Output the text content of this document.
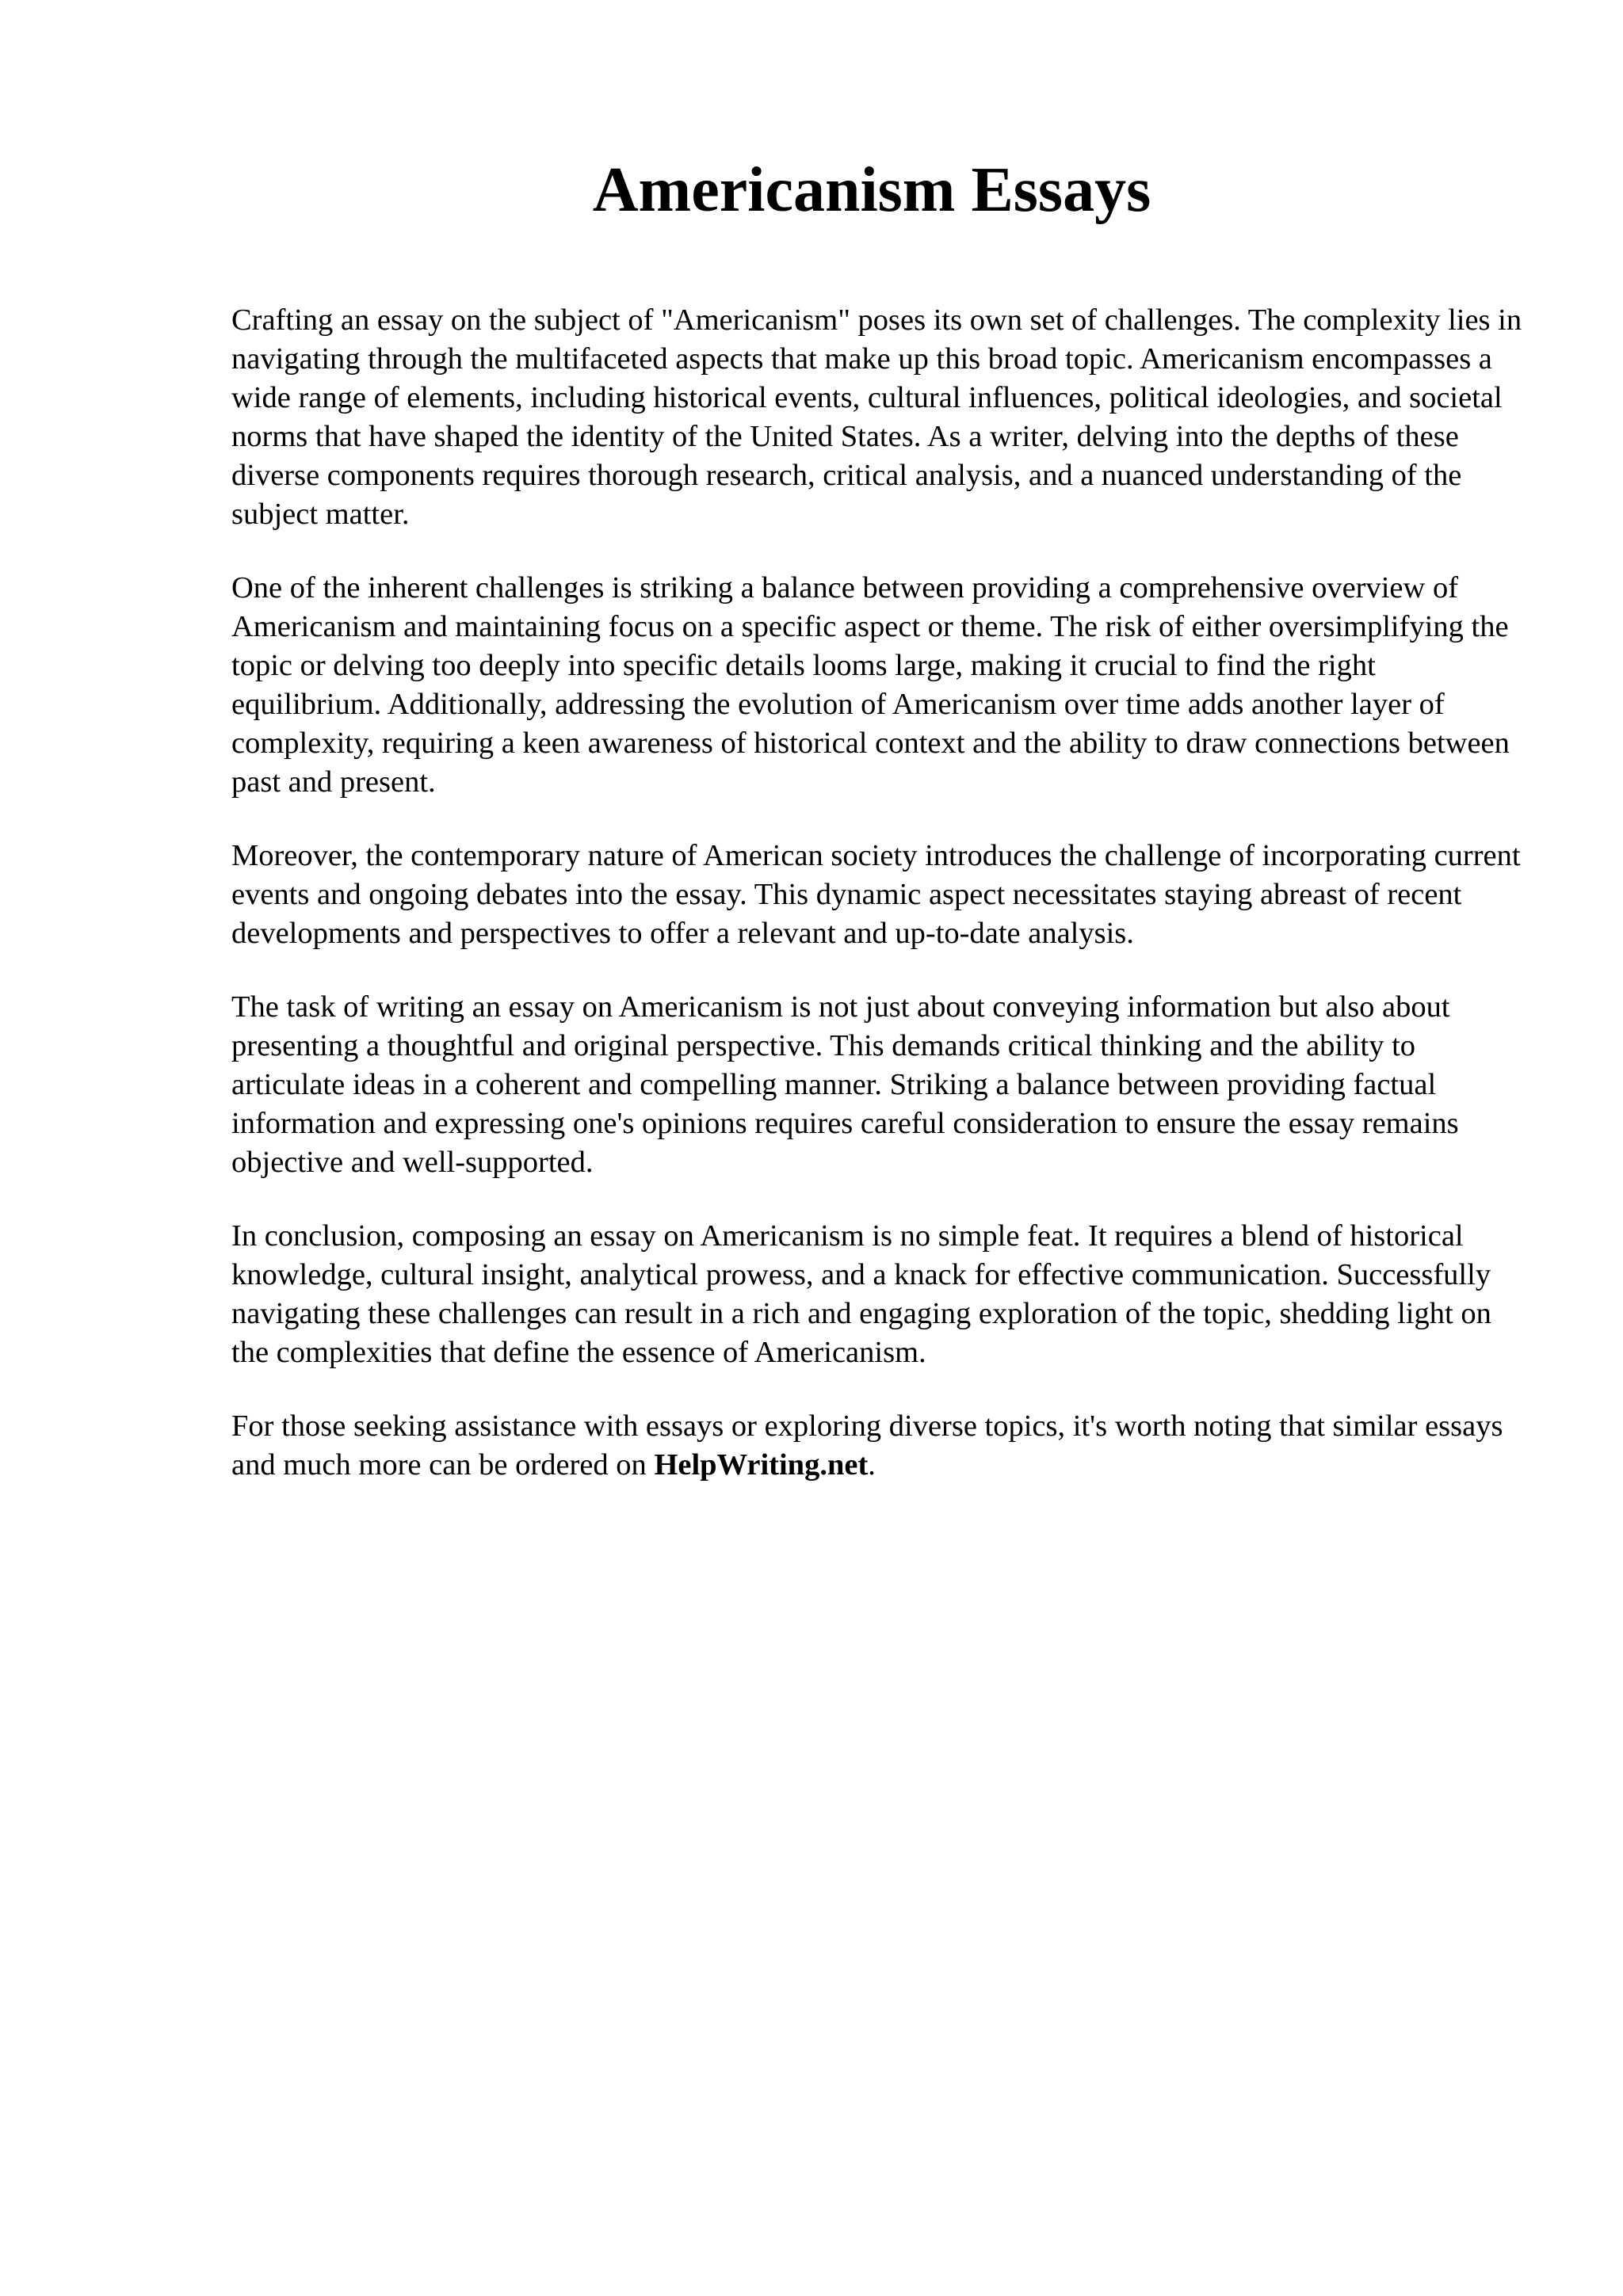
Americanism Essays

Crafting an essay on the subject of "Americanism" poses its own set of challenges. The complexity lies in navigating through the multifaceted aspects that make up this broad topic. Americanism encompasses a wide range of elements, including historical events, cultural influences, political ideologies, and societal norms that have shaped the identity of the United States. As a writer, delving into the depths of these diverse components requires thorough research, critical analysis, and a nuanced understanding of the subject matter.

One of the inherent challenges is striking a balance between providing a comprehensive overview of Americanism and maintaining focus on a specific aspect or theme. The risk of either oversimplifying the topic or delving too deeply into specific details looms large, making it crucial to find the right equilibrium. Additionally, addressing the evolution of Americanism over time adds another layer of complexity, requiring a keen awareness of historical context and the ability to draw connections between past and present.

Moreover, the contemporary nature of American society introduces the challenge of incorporating current events and ongoing debates into the essay. This dynamic aspect necessitates staying abreast of recent developments and perspectives to offer a relevant and up-to-date analysis.

The task of writing an essay on Americanism is not just about conveying information but also about presenting a thoughtful and original perspective. This demands critical thinking and the ability to articulate ideas in a coherent and compelling manner. Striking a balance between providing factual information and expressing one's opinions requires careful consideration to ensure the essay remains objective and well-supported.

In conclusion, composing an essay on Americanism is no simple feat. It requires a blend of historical knowledge, cultural insight, analytical prowess, and a knack for effective communication. Successfully navigating these challenges can result in a rich and engaging exploration of the topic, shedding light on the complexities that define the essence of Americanism.

For those seeking assistance with essays or exploring diverse topics, it's worth noting that similar essays and much more can be ordered on HelpWriting.net.
